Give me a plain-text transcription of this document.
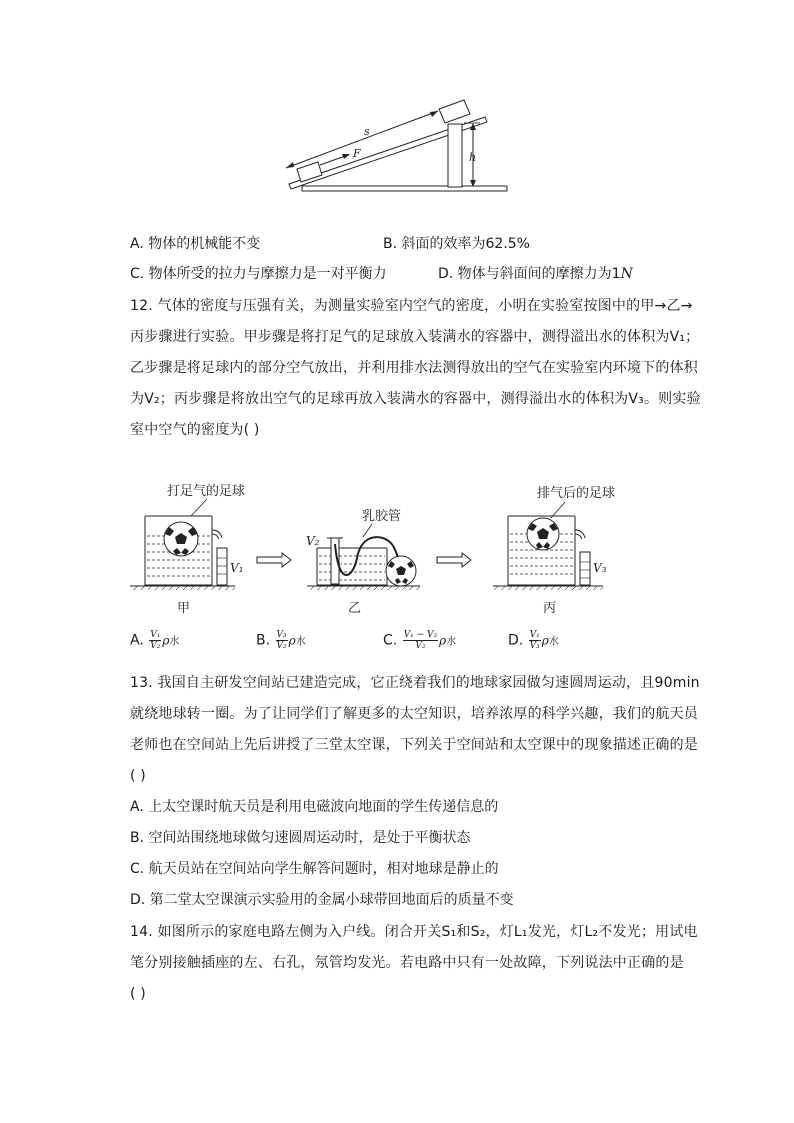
s
F	h
A. 物体的机械能不变	B. 斜面的效率为62.5%
C. 物体所受的拉力与摩擦力是一对平衡力	D. 物体与斜面间的摩擦力为1N
12. 气体的密度与压强有关，为测量实验室内空气的密度，小明在实验室按图中的甲→乙→
丙步骤进行实验。甲步骤是将打足气的足球放入装满水的容器中，测得溢出水的体积为V₁；
乙步骤是将足球内的部分空气放出，并利用排水法测得放出的空气在实验室内环境下的体积
为V₂；丙步骤是将放出空气的足球再放入装满水的容器中，测得溢出水的体积为V₃。则实验
室中空气的密度为( )
打足气的足球
V₁
甲
乳胶管
V₂
乙
排气后的足球
V₃
丙
A. $\frac{\text{V₁}}{\text{V₂}}$ ρ水	B. $\frac{\text{V₃}}{\text{V₂}}$ ρ水	C. $\frac{\text{V₁ − V₃}}{\text{V₂}}$ ρ水	D. $\frac{\text{V₁}}{\text{V₃}}$ ρ水
13. 我国自主研发空间站已建造完成，它正绕着我们的地球家园做匀速圆周运动，且90min
就绕地球转一圈。为了让同学们了解更多的太空知识，培养浓厚的科学兴趣，我们的航天员
老师也在空间站上先后讲授了三堂太空课，下列关于空间站和太空课中的现象描述正确的是
( )
A. 上太空课时航天员是利用电磁波向地面的学生传递信息的
B. 空间站围绕地球做匀速圆周运动时，是处于平衡状态
C. 航天员站在空间站向学生解答问题时，相对地球是静止的
D. 第二堂太空课演示实验用的金属小球带回地面后的质量不变
14. 如图所示的家庭电路左侧为入户线。闭合开关S₁和S₂，灯L₁发光，灯L₂不发光；用试电
笔分别接触插座的左、右孔，氖管均发光。若电路中只有一处故障，下列说法中正确的是
( )
